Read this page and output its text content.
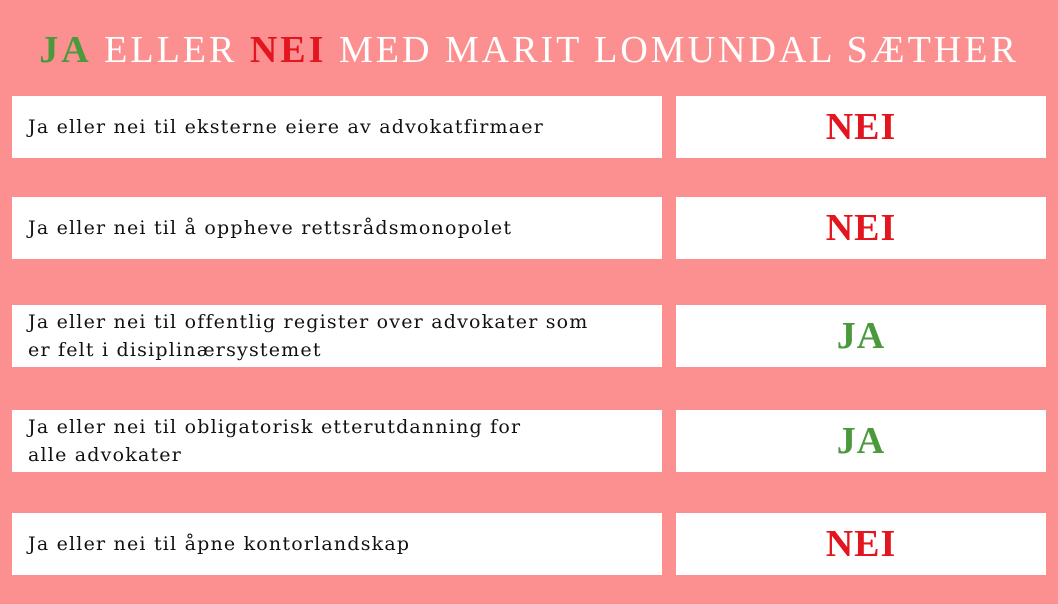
JA ELLER NEI MED MARIT LOMUNDAL SÆTHER
Ja eller nei til eksterne eiere av advokatfirmaer	NEI
Ja eller nei til å oppheve rettsrådsmonopolet	NEI
Ja eller nei til offentlig register over advokater som
er felt i disiplinærsystemet	JA
Ja eller nei til obligatorisk etterutdanning for
alle advokater	JA
Ja eller nei til åpne kontorlandskap	NEI
